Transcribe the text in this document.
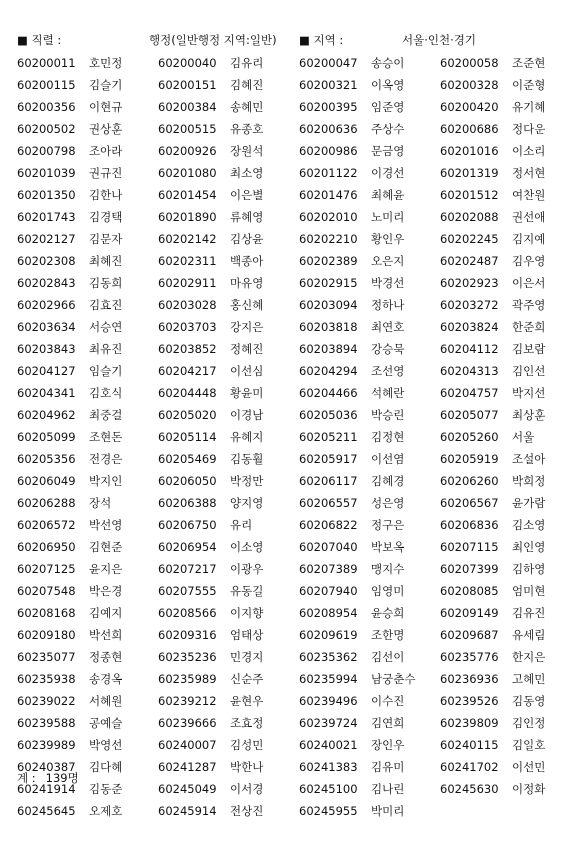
■ 직렬 :	행정(일반행정 지역:일반) ■ 지역 :	서울·인천·경기
60200011 호민정	60200040 김유리	60200047 송승이	60200058 조준현
60200115 김슬기	60200151 김혜진	60200321 이옥영	60200328 이준형
60200356 이현규	60200384 송혜민	60200395 임준영	60200420 유기혜
60200502 권상훈	60200515 유종호	60200636 주상수	60200686 정다운
60200798 조아라	60200926 장원석	60200986 문금영	60201016 이소리
60201039 권규진	60201080 최소영	60201122 이경선	60201319 정서현
60201350 김한나	60201454 이은별	60201476 최혜윤	60201512 여찬원
60201743 김경택	60201890 류혜영	60202010 노미리	60202088 권선애
60202127 김문자	60202142 김상윤	60202210 황인우	60202245 김지예
60202308 최혜진	60202311 백종아	60202389 오은지	60202487 김우영
60202843 김동희	60202911 마유영	60202915 박경선	60202923 이은서
60202966 김효진	60203028 홍신혜	60203094 정하나	60203272 곽주영
60203634 서승연	60203703 강지은	60203818 최연호	60203824 한준희
60203843 최유진	60203852 정혜진	60203894 강승묵	60204112 김보람
60204127 임슬기	60204217 이선심	60204294 조선영	60204313 김인선
60204341 김호식	60204448 황윤미	60204466 석혜란	60204757 박지선
60204962 최중걸	60205020 이경남	60205036 박승린	60205077 최상훈
60205099 조현돈	60205114 유혜지	60205211 김정현	60205260 서울
60205356 전경은	60205469 김동훨	60205917 이선염	60205919 조설아
60206049 박지인	60206050 박정만	60206117 김혜경	60206260 박희정
60206288 장석	60206388 양지영	60206557 성은영	60206567 윤가람
60206572 박선영	60206750 유리	60206822 정구은	60206836 김소영
60206950 김현준	60206954 이소영	60207040 박보옥	60207115 최인영
60207125 윤지은	60207217 이광우	60207389 맹지수	60207399 김하영
60207548 박은경	60207555 유동길	60207940 임영미	60208085 엄미현
60208168 김예지	60208566 이지향	60208954 윤승희	60209149 김유진
60209180 박선희	60209316 엄태상	60209619 조한명	60209687 유세림
60235077 정종현	60235236 민경지	60235362 김선이	60235776 한지은
60235938 송경옥	60235989 신순주	60235994 남궁춘수 60236936 고혜민
60239022 서혜원	60239212 윤현우	60239496 이수진	60239526 김동영
60239588 공예슬	60239666 조효정	60239724 김연희	60239809 김인정
60239989 박영선	60240007 김성민	60240021 장인우	60240115 김일호
60240387 김다혜	60241287 박한나	60241383 김유미	60241702 이선민
60241914 김동준	60245049 이서경	60245100 김나린	60245630 이정화
60245645 오제호	60245914 전상진	60245955 박미리
계 : 139명
